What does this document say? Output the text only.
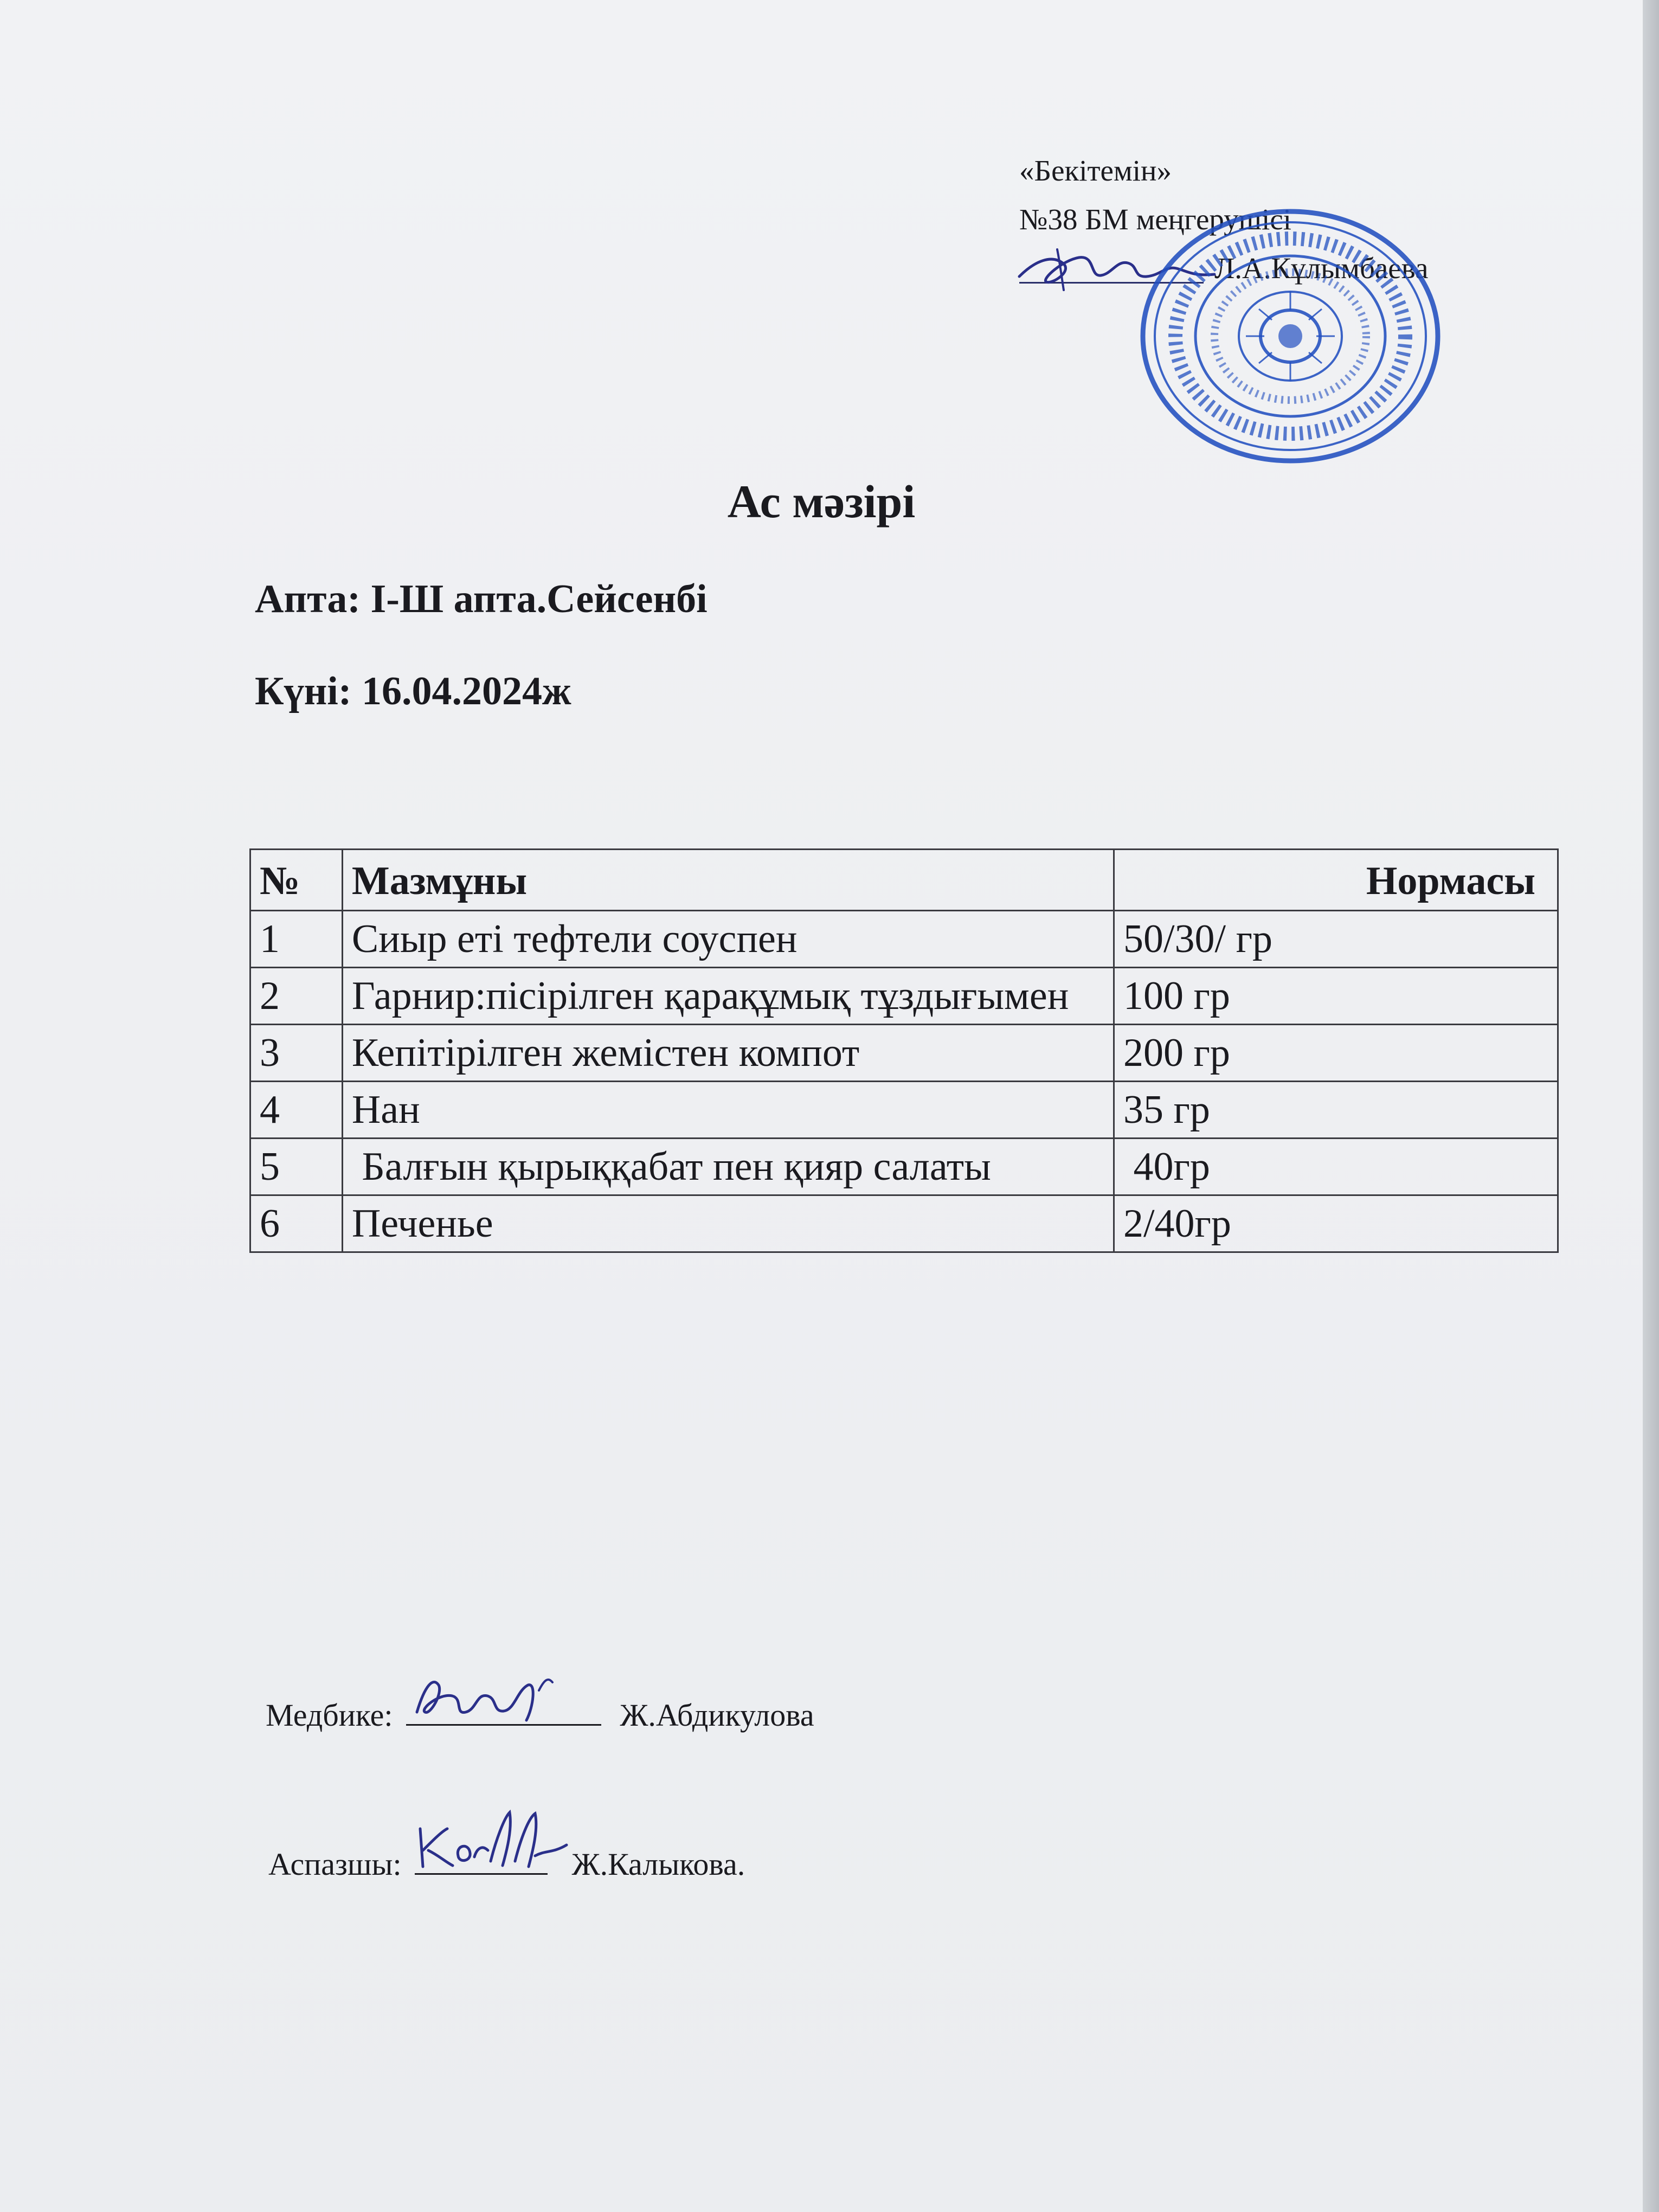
«Бекітемін»
№38 БМ меңгерушісі
Л.А.Кұлымбаева
Ас мәзірі
Апта: І-Ш апта.Сейсенбі
Күні: 16.04.2024ж
№	Мазмұны	Нормасы
1	Сиыр еті тефтели соуспен	50/30/ гр
2	Гарнир:пісірілген қарақұмық тұздығымен	100 гр
3	Кепітірілген жемістен компот	200 гр
4	Нан	35 гр
5	Балғын қырыққабат пен қияр салаты	40гр
6	Печенье	2/40гр
Медбике:	Ж.Абдикулова
Аспазшы:	Ж.Калыкова.
